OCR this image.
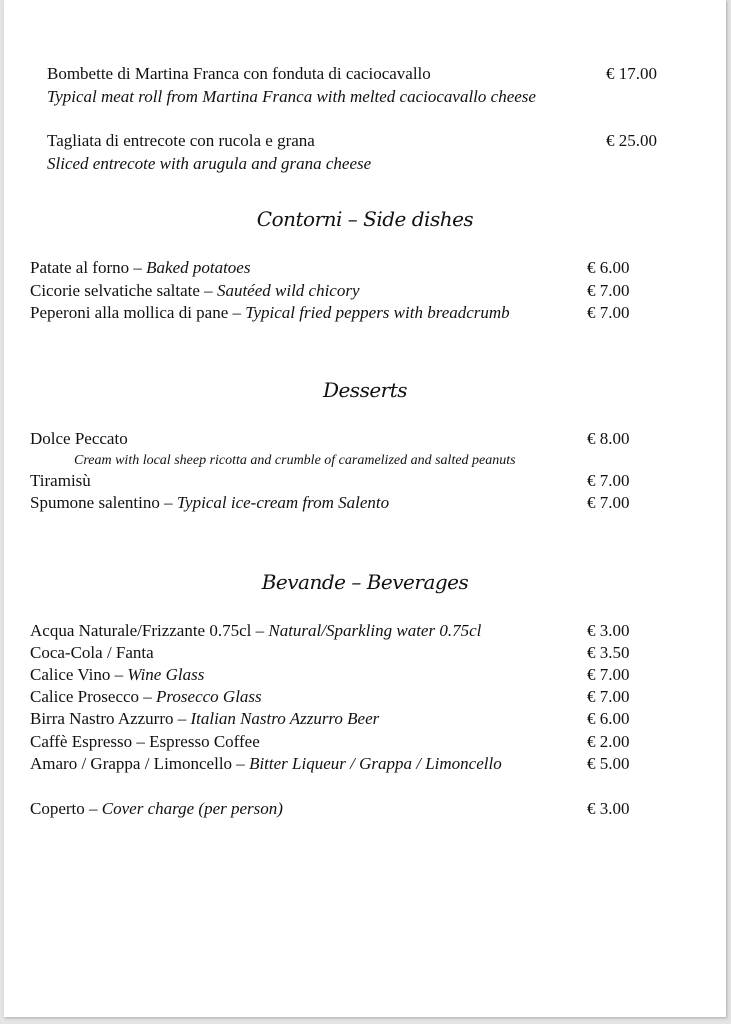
Bombette di Martina Franca con fonduta di caciocavallo	€ 17.00
Typical meat roll from Martina Franca with melted caciocavallo cheese
Tagliata di entrecote con rucola e grana	€ 25.00
Sliced entrecote with arugula and grana cheese
Contorni – Side dishes
Patate al forno – Baked potatoes	€ 6.00
Cicorie selvatiche saltate – Sautéed wild chicory	€ 7.00
Peperoni alla mollica di pane – Typical fried peppers with breadcrumb	€ 7.00
Desserts
Dolce Peccato	€ 8.00
Cream with local sheep ricotta and crumble of caramelized and salted peanuts
Tiramisù	€ 7.00
Spumone salentino – Typical ice-cream from Salento	€ 7.00
Bevande – Beverages
Acqua Naturale/Frizzante 0.75cl – Natural/Sparkling water 0.75cl	€ 3.00
Coca-Cola / Fanta	€ 3.50
Calice Vino – Wine Glass	€ 7.00
Calice Prosecco – Prosecco Glass	€ 7.00
Birra Nastro Azzurro – Italian Nastro Azzurro Beer	€ 6.00
Caffè Espresso – Espresso Coffee	€ 2.00
Amaro / Grappa / Limoncello – Bitter Liqueur / Grappa / Limoncello	€ 5.00
Coperto – Cover charge (per person)	€ 3.00
